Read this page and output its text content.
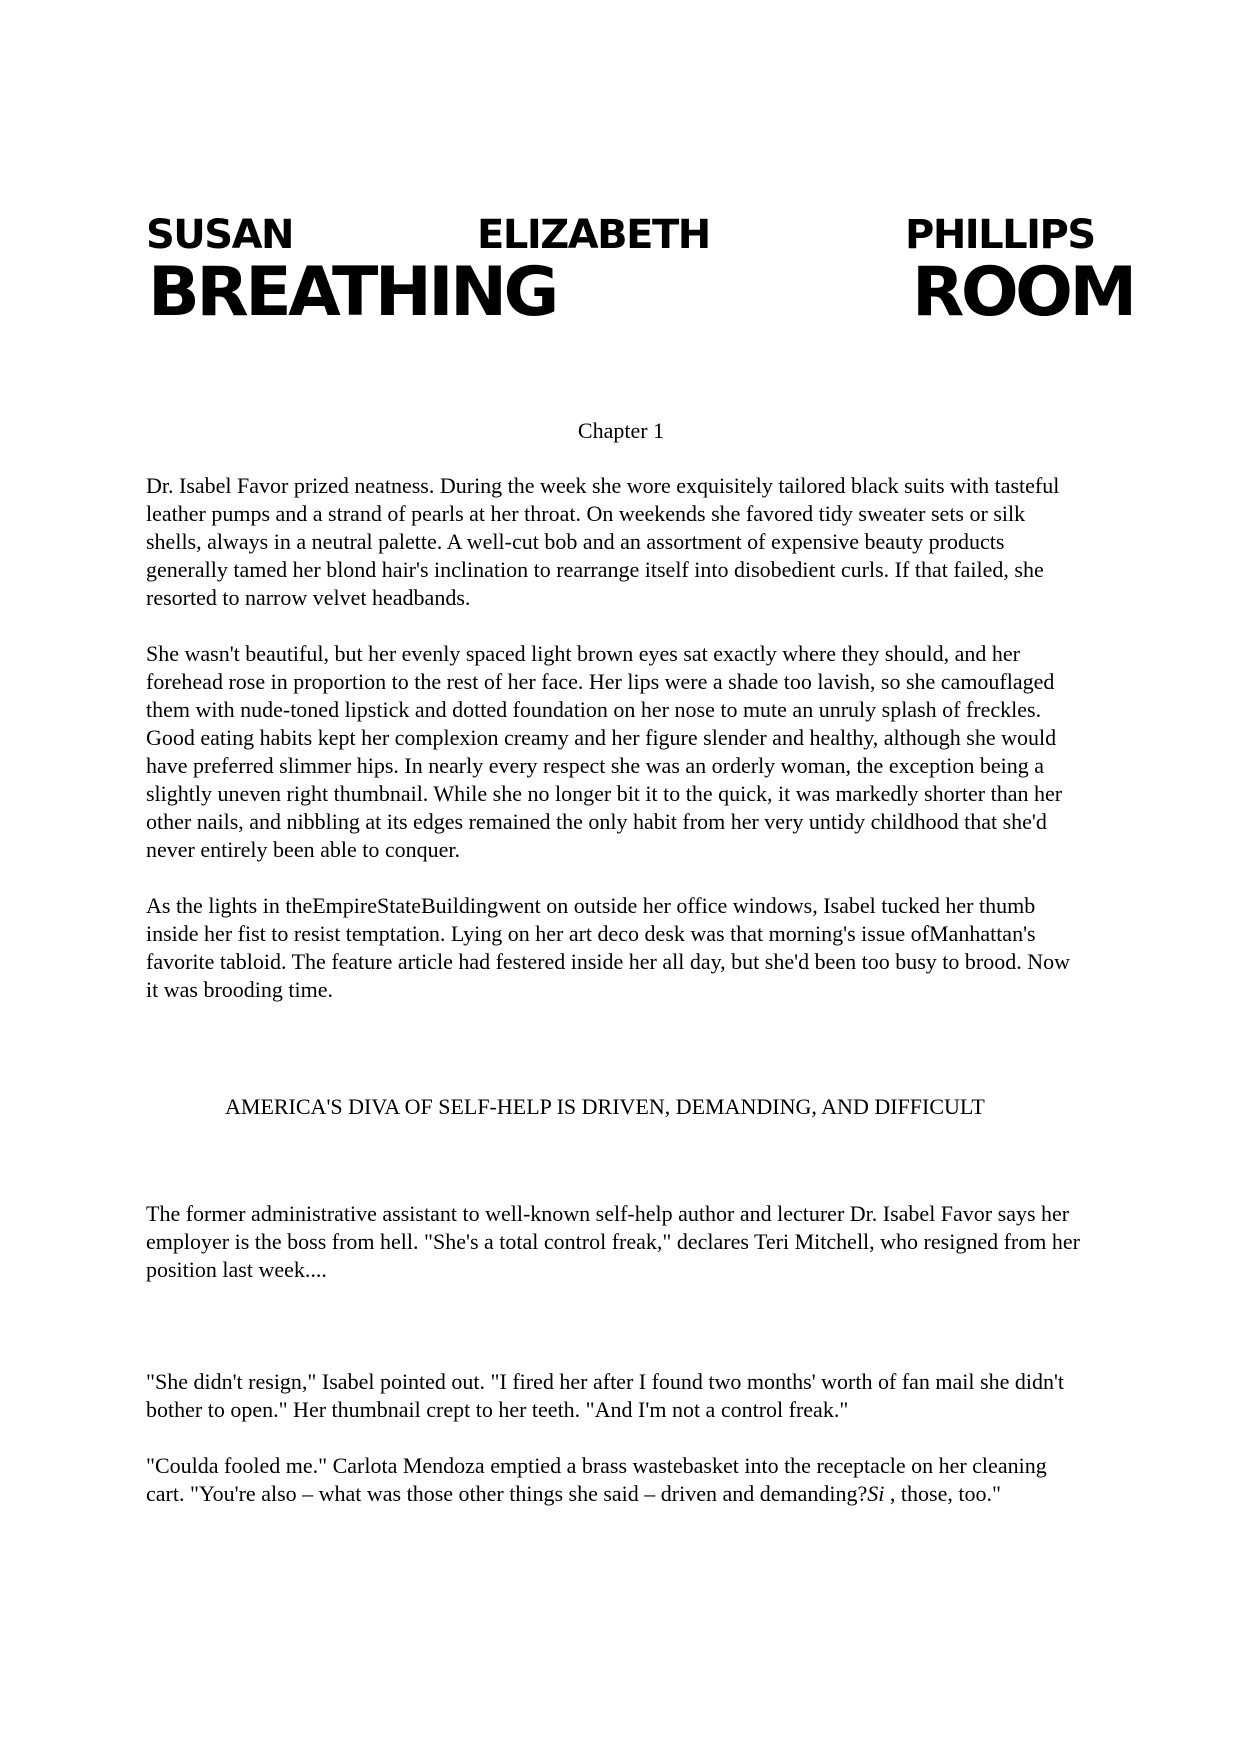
SUSAN	ELIZABETH	PHILLIPS
BREATHING	ROOM

Chapter 1

Dr. Isabel Favor prized neatness. During the week she wore exquisitely tailored black suits with tasteful leather pumps and a strand of pearls at her throat. On weekends she favored tidy sweater sets or silk shells, always in a neutral palette. A well-cut bob and an assortment of expensive beauty products generally tamed her blond hair's inclination to rearrange itself into disobedient curls. If that failed, she resorted to narrow velvet headbands.

She wasn't beautiful, but her evenly spaced light brown eyes sat exactly where they should, and her forehead rose in proportion to the rest of her face. Her lips were a shade too lavish, so she camouflaged them with nude-toned lipstick and dotted foundation on her nose to mute an unruly splash of freckles. Good eating habits kept her complexion creamy and her figure slender and healthy, although she would have preferred slimmer hips. In nearly every respect she was an orderly woman, the exception being a slightly uneven right thumbnail. While she no longer bit it to the quick, it was markedly shorter than her other nails, and nibbling at its edges remained the only habit from her very untidy childhood that she'd never entirely been able to conquer.

As the lights in theEmpireStateBuildingwent on outside her office windows, Isabel tucked her thumb inside her fist to resist temptation. Lying on her art deco desk was that morning's issue ofManhattan's favorite tabloid. The feature article had festered inside her all day, but she'd been too busy to brood. Now it was brooding time.

AMERICA'S DIVA OF SELF-HELP IS DRIVEN, DEMANDING, AND DIFFICULT

The former administrative assistant to well-known self-help author and lecturer Dr. Isabel Favor says her employer is the boss from hell. "She's a total control freak," declares Teri Mitchell, who resigned from her position last week....

"She didn't resign," Isabel pointed out. "I fired her after I found two months' worth of fan mail she didn't bother to open." Her thumbnail crept to her teeth. "And I'm not a control freak."

"Coulda fooled me." Carlota Mendoza emptied a brass wastebasket into the receptacle on her cleaning cart. "You're also – what was those other things she said – driven and demanding?Si , those, too."
